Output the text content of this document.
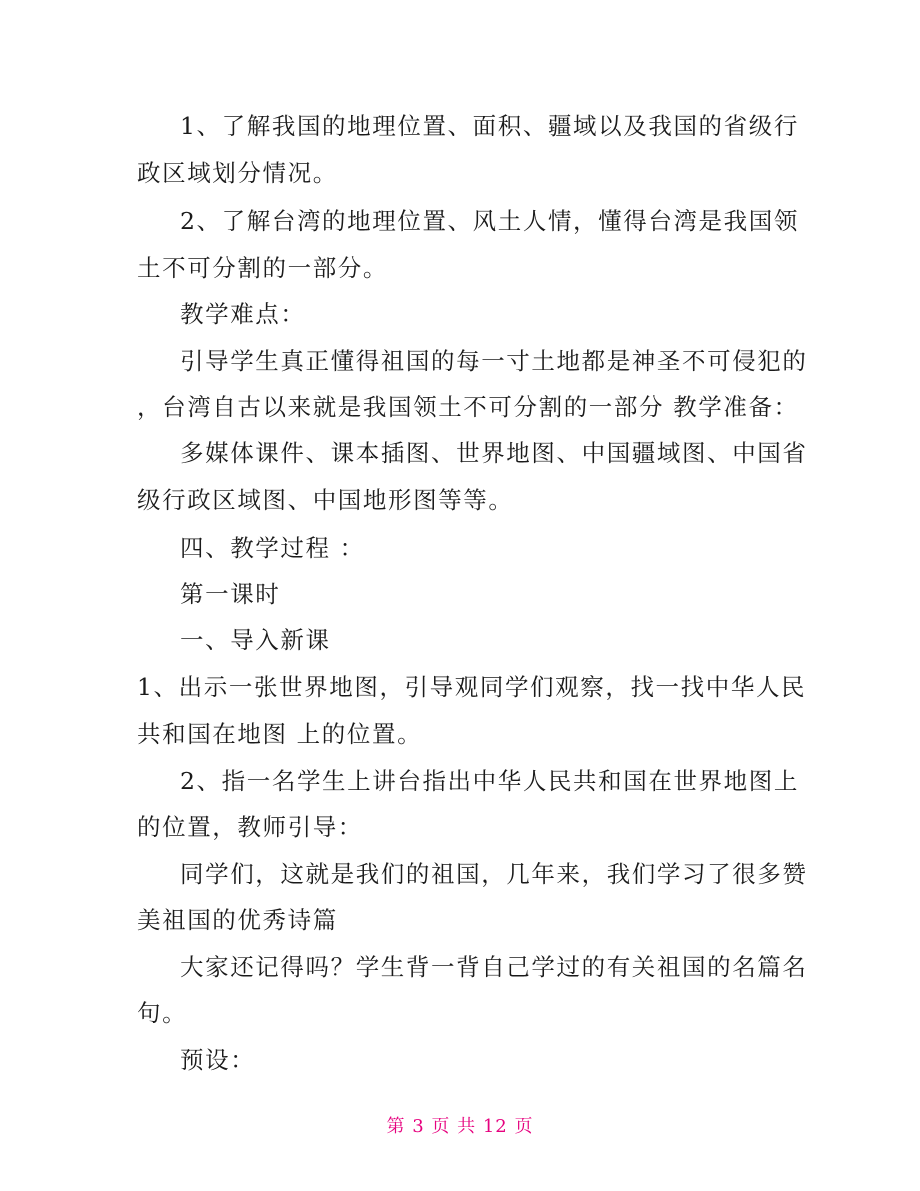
1、了解我国的地理位置、面积、疆域以及我国的省级行
政区域划分情况。
2、了解台湾的地理位置、风土人情，懂得台湾是我国领
土不可分割的一部分。
教学难点：
引导学生真正懂得祖国的每一寸土地都是神圣不可侵犯的
，台湾自古以来就是我国领土不可分割的一部分 教学准备：
多媒体课件、课本插图、世界地图、中国疆域图、中国省
级行政区域图、中国地形图等等。
四、教学过程 ：
第一课时
一、导入新课
1、出示一张世界地图，引导观同学们观察，找一找中华人民
共和国在地图 上的位置。
2、指一名学生上讲台指出中华人民共和国在世界地图上
的位置，教师引导：
同学们，这就是我们的祖国，几年来，我们学习了很多赞
美祖国的优秀诗篇
大家还记得吗？学生背一背自己学过的有关祖国的名篇名
句。
预设：
第 3 页 共 12 页
